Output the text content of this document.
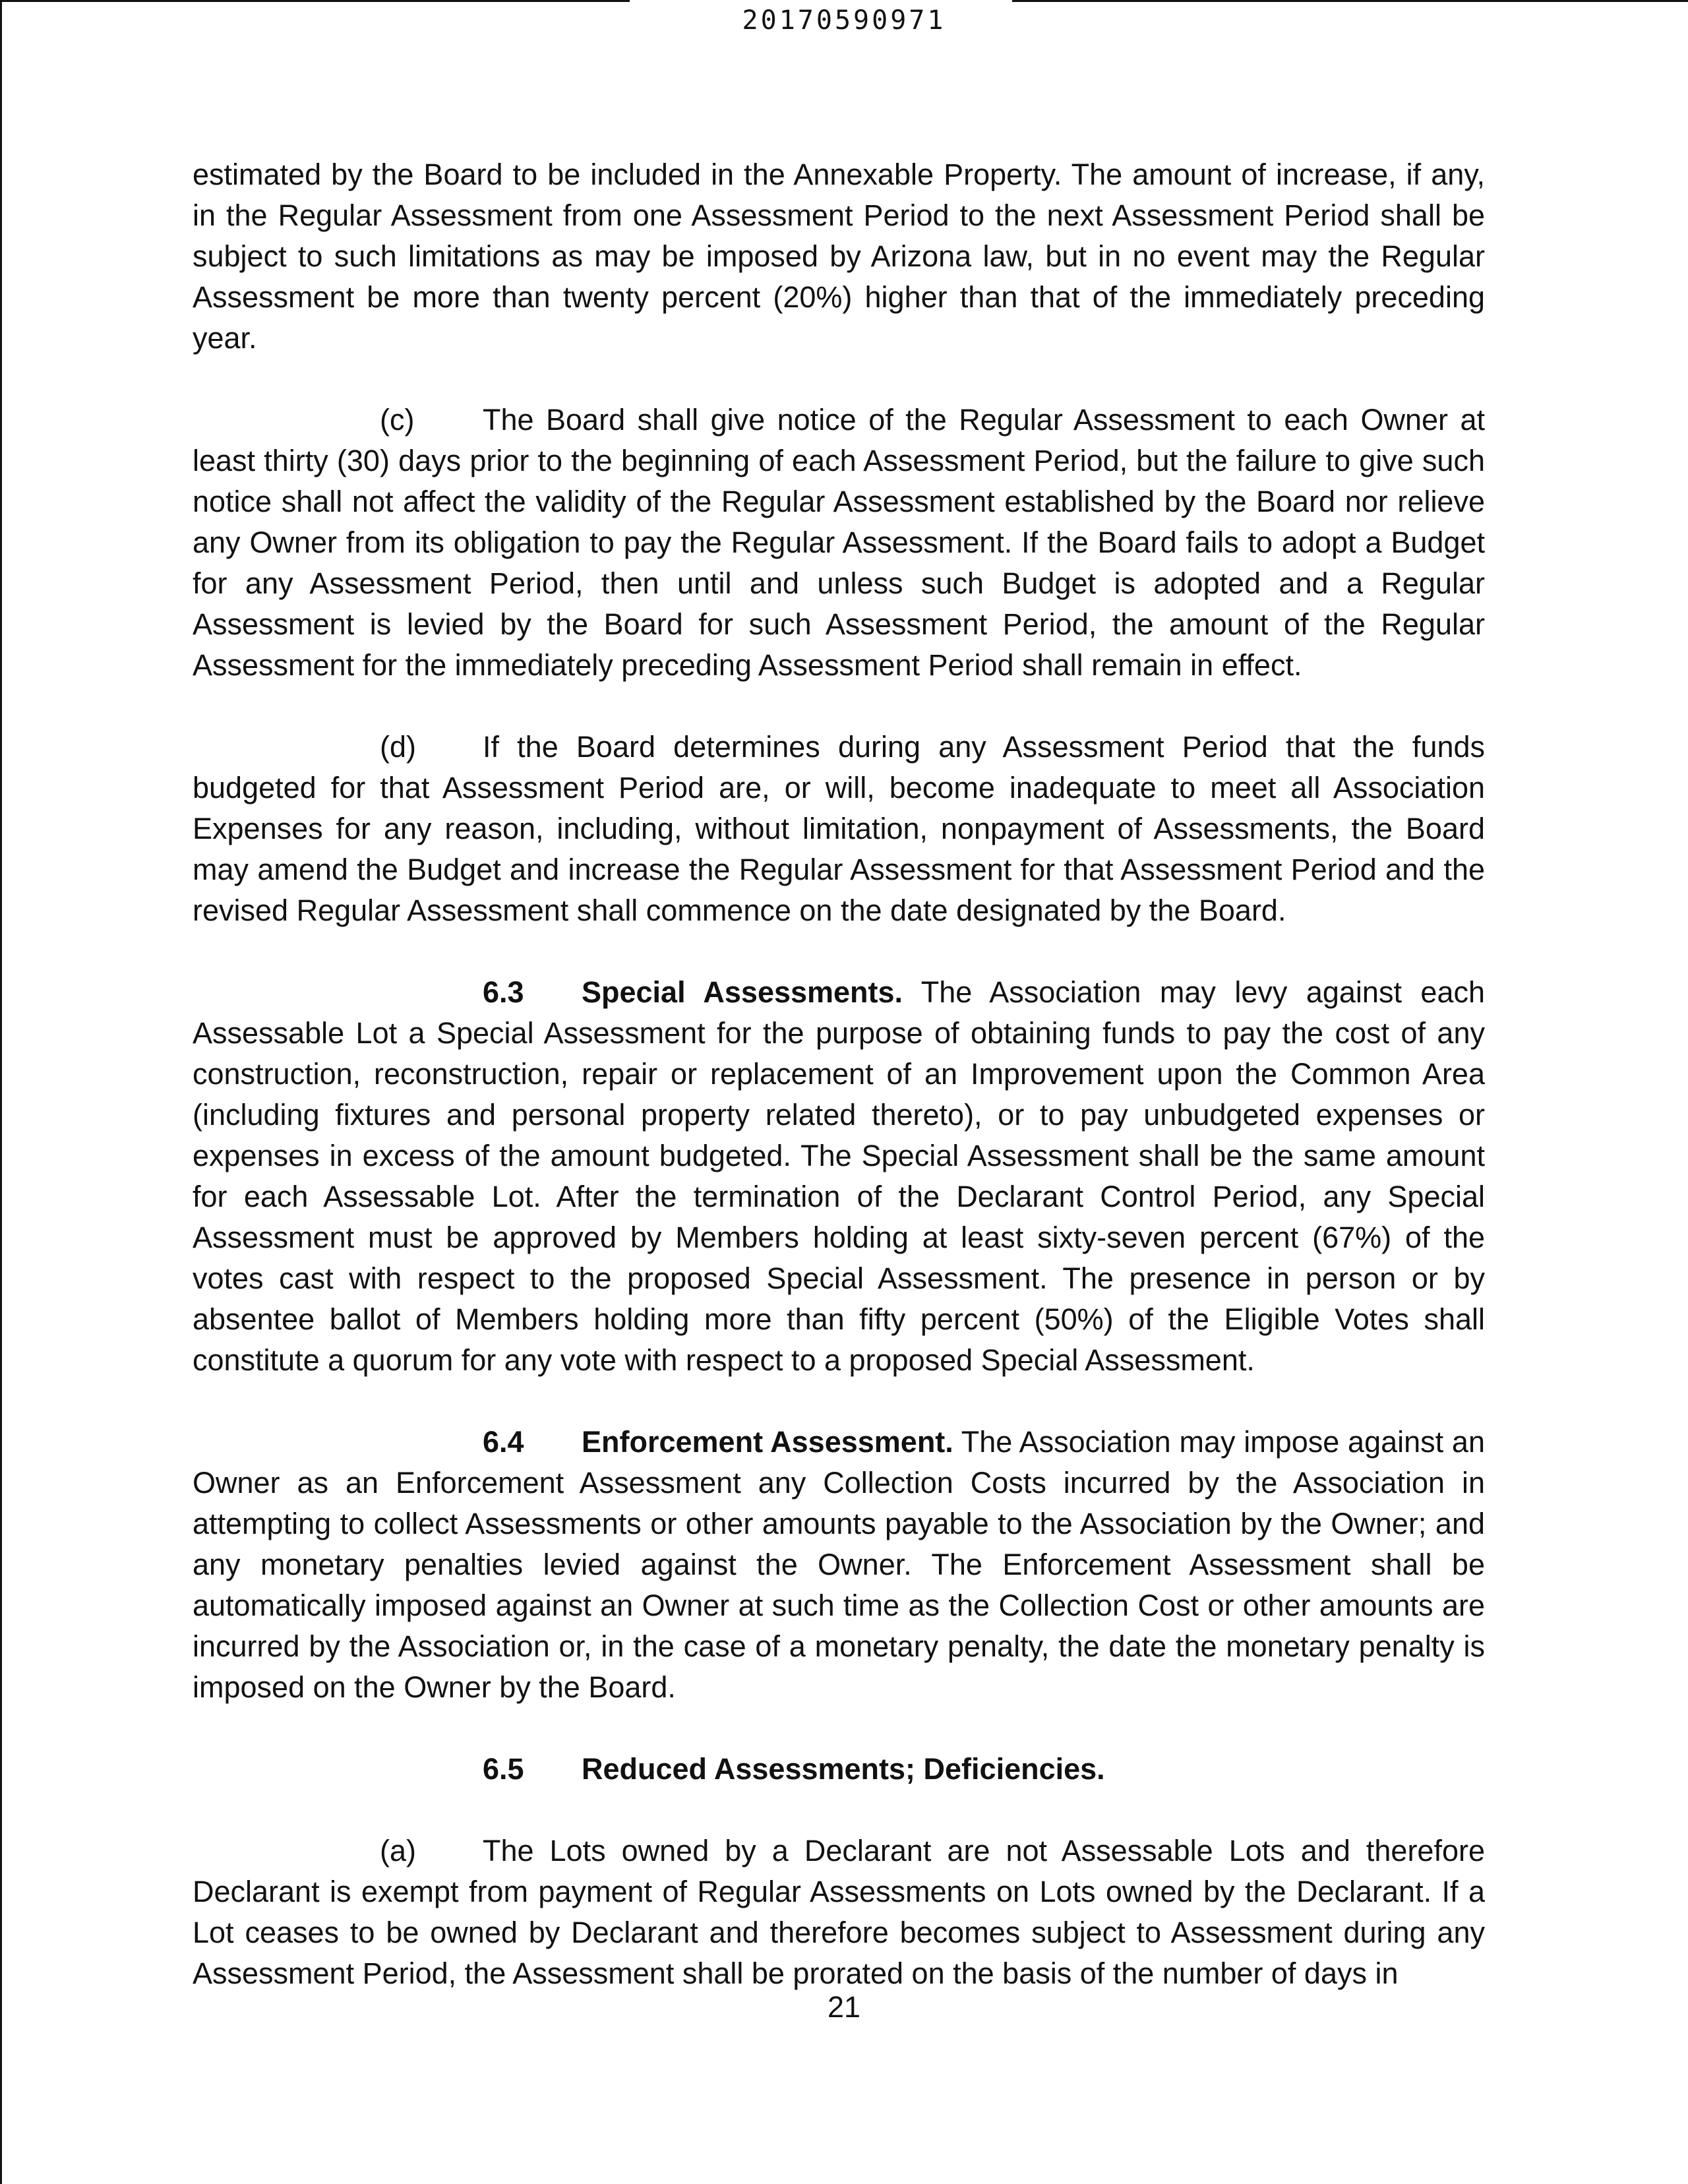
20170590971

estimated by the Board to be included in the Annexable Property. The amount of increase, if any, in the Regular Assessment from one Assessment Period to the next Assessment Period shall be subject to such limitations as may be imposed by Arizona law, but in no event may the Regular Assessment be more than twenty percent (20%) higher than that of the immediately preceding year.

(c) The Board shall give notice of the Regular Assessment to each Owner at least thirty (30) days prior to the beginning of each Assessment Period, but the failure to give such notice shall not affect the validity of the Regular Assessment established by the Board nor relieve any Owner from its obligation to pay the Regular Assessment. If the Board fails to adopt a Budget for any Assessment Period, then until and unless such Budget is adopted and a Regular Assessment is levied by the Board for such Assessment Period, the amount of the Regular Assessment for the immediately preceding Assessment Period shall remain in effect.

(d) If the Board determines during any Assessment Period that the funds budgeted for that Assessment Period are, or will, become inadequate to meet all Association Expenses for any reason, including, without limitation, nonpayment of Assessments, the Board may amend the Budget and increase the Regular Assessment for that Assessment Period and the revised Regular Assessment shall commence on the date designated by the Board.

6.3 Special Assessments. The Association may levy against each Assessable Lot a Special Assessment for the purpose of obtaining funds to pay the cost of any construction, reconstruction, repair or replacement of an Improvement upon the Common Area (including fixtures and personal property related thereto), or to pay unbudgeted expenses or expenses in excess of the amount budgeted. The Special Assessment shall be the same amount for each Assessable Lot. After the termination of the Declarant Control Period, any Special Assessment must be approved by Members holding at least sixty-seven percent (67%) of the votes cast with respect to the proposed Special Assessment. The presence in person or by absentee ballot of Members holding more than fifty percent (50%) of the Eligible Votes shall constitute a quorum for any vote with respect to a proposed Special Assessment.

6.4 Enforcement Assessment. The Association may impose against an Owner as an Enforcement Assessment any Collection Costs incurred by the Association in attempting to collect Assessments or other amounts payable to the Association by the Owner; and any monetary penalties levied against the Owner. The Enforcement Assessment shall be automatically imposed against an Owner at such time as the Collection Cost or other amounts are incurred by the Association or, in the case of a monetary penalty, the date the monetary penalty is imposed on the Owner by the Board.

6.5 Reduced Assessments; Deficiencies.

(a) The Lots owned by a Declarant are not Assessable Lots and therefore Declarant is exempt from payment of Regular Assessments on Lots owned by the Declarant. If a Lot ceases to be owned by Declarant and therefore becomes subject to Assessment during any Assessment Period, the Assessment shall be prorated on the basis of the number of days in

21
